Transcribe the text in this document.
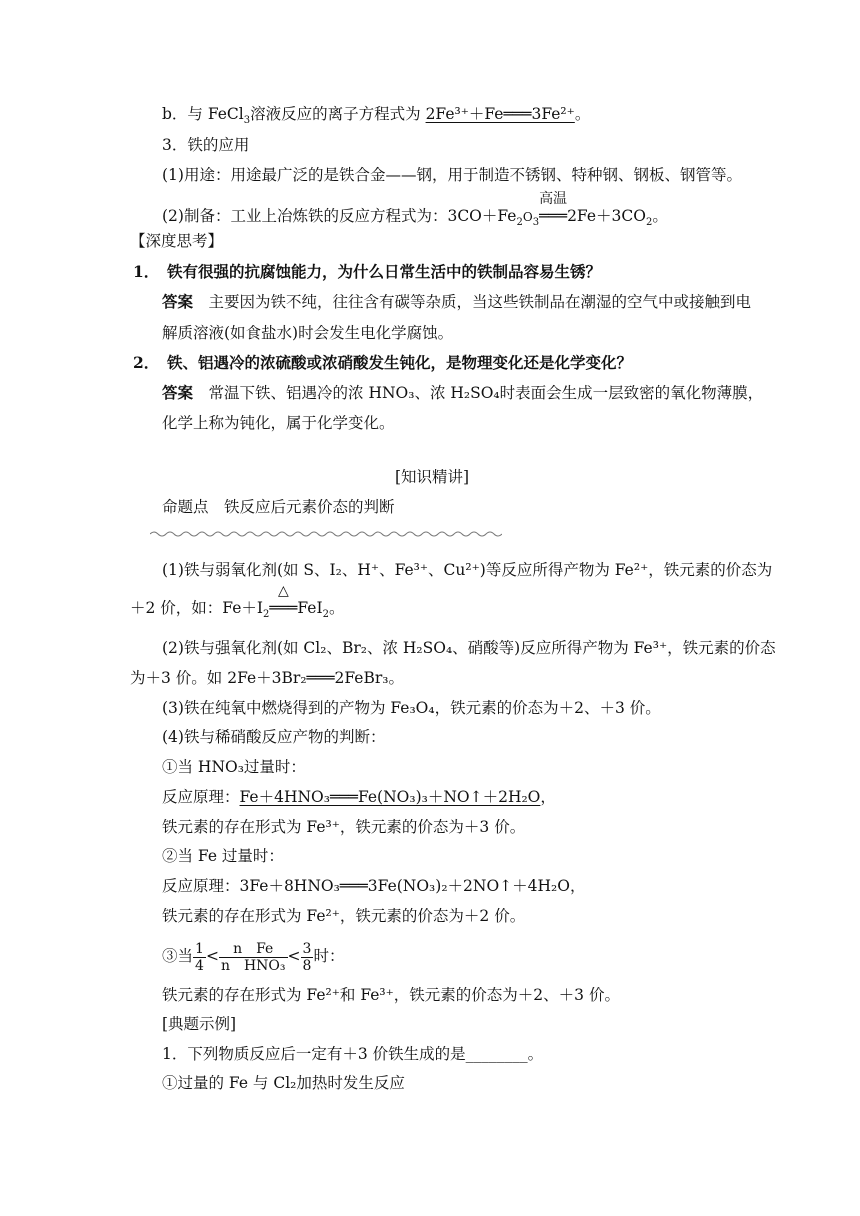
b．与 FeCl$_3$溶液反应的离子方程式为 2Fe³⁺＋Fe═══3Fe²⁺。
3．铁的应用
(1)用途：用途最广泛的是铁合金——钢，用于制造不锈钢、特种钢、钢板、钢管等。
(2)制备：工业上冶炼铁的反应方程式为：$3CO+Fe_2O_3$
高温
$═══2Fe+3CO_2$。
【深度思考】
1．　铁有很强的抗腐蚀能力，为什么日常生活中的铁制品容易生锈？
答案　主要因为铁不纯，往往含有碳等杂质，当这些铁制品在潮湿的空气中或接触到电
解质溶液(如食盐水)时会发生电化学腐蚀。
2．　铁、铝遇冷的浓硫酸或浓硝酸发生钝化，是物理变化还是化学变化？
答案　常温下铁、铝遇冷的浓 HNO₃、浓 H₂SO₄时表面会生成一层致密的氧化物薄膜，
化学上称为钝化，属于化学变化。
[知识精讲]
命题点　铁反应后元素价态的判断
(1)铁与弱氧化剂(如 S、I₂、H⁺、Fe³⁺、Cu²⁺)等反应所得产物为 Fe²⁺，铁元素的价态为
＋2 价，如：$Fe+I_2$
△
═══FeI$_2$。
(2)铁与强氧化剂(如 Cl₂、Br₂、浓 H₂SO₄、硝酸等)反应所得产物为 Fe³⁺，铁元素的价态
为＋3 价。如 2Fe＋3Br₂═══2FeBr₃。
(3)铁在纯氧中燃烧得到的产物为 Fe₃O₄，铁元素的价态为＋2、＋3 价。
(4)铁与稀硝酸反应产物的判断：
①当 HNO₃过量时：
反应原理：Fe＋4HNO₃═══Fe(NO₃)₃＋NO↑＋2H₂O，
铁元素的存在形式为 Fe³⁺，铁元素的价态为＋3 价。
②当 Fe 过量时：
反应原理：3Fe＋8HNO₃═══3Fe(NO₃)₂＋2NO↑＋4H₂O，
铁元素的存在形式为 Fe²⁺，铁元素的价态为＋2 价。
③当 $\frac{1}{4} < \frac{\text{n　Fe}}{\text{n　HNO₃}} < \frac{3}{8}$ 时：
铁元素的存在形式为 Fe²⁺和 Fe³⁺，铁元素的价态为＋2、＋3 价。
[典题示例]
1．下列物质反应后一定有＋3 价铁生成的是________。
①过量的 Fe 与 Cl₂加热时发生反应
